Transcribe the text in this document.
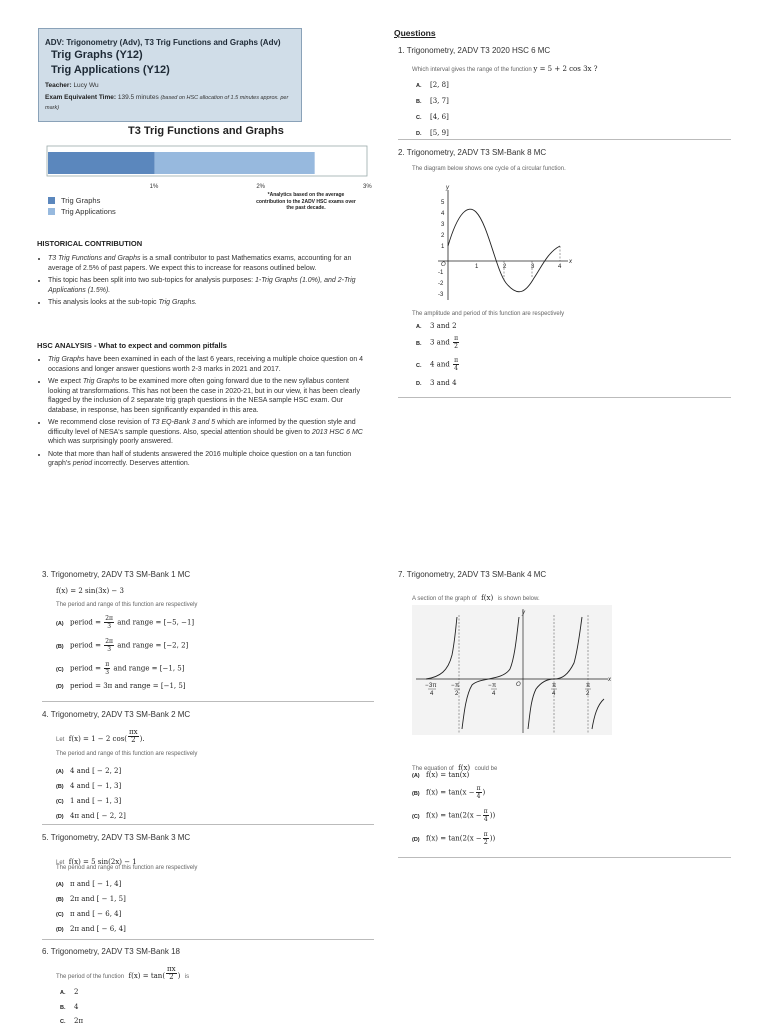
ADV: Trigonometry (Adv), T3 Trig Functions and Graphs (Adv)
Trig Graphs (Y12)
Trig Applications (Y12)
Teacher: Lucy Wu
Exam Equivalent Time: 139.5 minutes (based on HSC allocation of 1.5 minutes approx. per mark)
T3 Trig Functions and Graphs
1%	2%	3%
Trig Graphs
Trig Applications
*Analytics based on the average contribution to the 2ADV HSC exams over the past decade.
HISTORICAL CONTRIBUTION
• T3 Trig Functions and Graphs is a small contributor to past Mathematics exams, accounting for an average of 2.5% of past papers. We expect this to increase for reasons outlined below.
• This topic has been split into two sub-topics for analysis purposes: 1-Trig Graphs (1.0%), and 2-Trig Applications (1.5%).
• This analysis looks at the sub-topic Trig Graphs.
HSC ANALYSIS - What to expect and common pitfalls
• Trig Graphs have been examined in each of the last 6 years, receiving a multiple choice question on 4 occasions and longer answer questions worth 2-3 marks in 2021 and 2017.
• We expect Trig Graphs to be examined more often going forward due to the new syllabus content looking at transformations. This has not been the case in 2020-21, but in our view, it has been clearly flagged by the inclusion of 2 separate trig graph questions in the NESA sample HSC exam. Our database, in response, has been significantly expanded in this area.
• We recommend close revision of T3 EQ-Bank 3 and 5 which are informed by the question style and difficulty level of NESA's sample questions. Also, special attention should be given to 2013 HSC 6 MC which was surprisingly poorly answered.
• Note that more than half of students answered the 2016 multiple choice question on a tan function graph's period incorrectly. Deserves attention.
Questions
1. Trigonometry, 2ADV T3 2020 HSC 6 MC
Which interval gives the range of the function y = 5 + 2 cos 3x ?
A. [2, 8]
B. [3, 7]
C. [4, 6]
D. [5, 9]
2. Trigonometry, 2ADV T3 SM-Bank 8 MC
The diagram below shows one cycle of a circular function.
y
x
O
5
4
3
2
1
-1
-2
-3
1	2	3	4
The amplitude and period of this function are respectively
A. 3 and 2
B. 3 and $\frac{\pi}{2}$
C. 4 and $\frac{\pi}{4}$
D. 3 and 4
3. Trigonometry, 2ADV T3 SM-Bank 1 MC
f(x) = 2 sin(3x) − 3
The period and range of this function are respectively
(A) period = $\frac{2\pi}{3}$ and range = [−5, −1]
(B) period = $\frac{2\pi}{3}$ and range = [−2, 2]
(C) period = $\frac{\pi}{3}$ and range = [−1, 5]
(D) period = 3π and range = [−1, 5]
4. Trigonometry, 2ADV T3 SM-Bank 2 MC
Let f(x) = 1 − 2 $\cos( \frac{\pi x}{2}$ ).
The period and range of this function are respectively
(A) 4 and [ − 2, 2]
(B) 4 and [ − 1, 3]
(C) 1 and [ − 1, 3]
(D) 4π and [ − 2, 2]
5. Trigonometry, 2ADV T3 SM-Bank 3 MC
Let f(x) = 5 sin(2x) − 1
The period and range of this function are respectively
(A) π and [ − 1, 4]
(B) 2π and [ − 1, 5]
(C) π and [ − 6, 4]
(D) 2π and [ − 6, 4]
6. Trigonometry, 2ADV T3 SM-Bank 18
The period of the function $f(x) = \tan( \frac{\pi x}{2}$ ) is
A. 2
B. 4
C. 2π
7. Trigonometry, 2ADV T3 SM-Bank 4 MC
A section of the graph of f(x) is shown below.
y
x
O
− 3π
4
− π
2
− π
4
π
4
π
2
The equation of f(x) could be
(A) f(x) = tan(x)
(B) $f(x) = \tan(x - \frac{\pi}{4}$ )
(C) $f(x) = \tan(2(x - \frac{\pi}{4}$ ))
(D) $f(x) = \tan(2(x - \frac{\pi}{2}$ ))
